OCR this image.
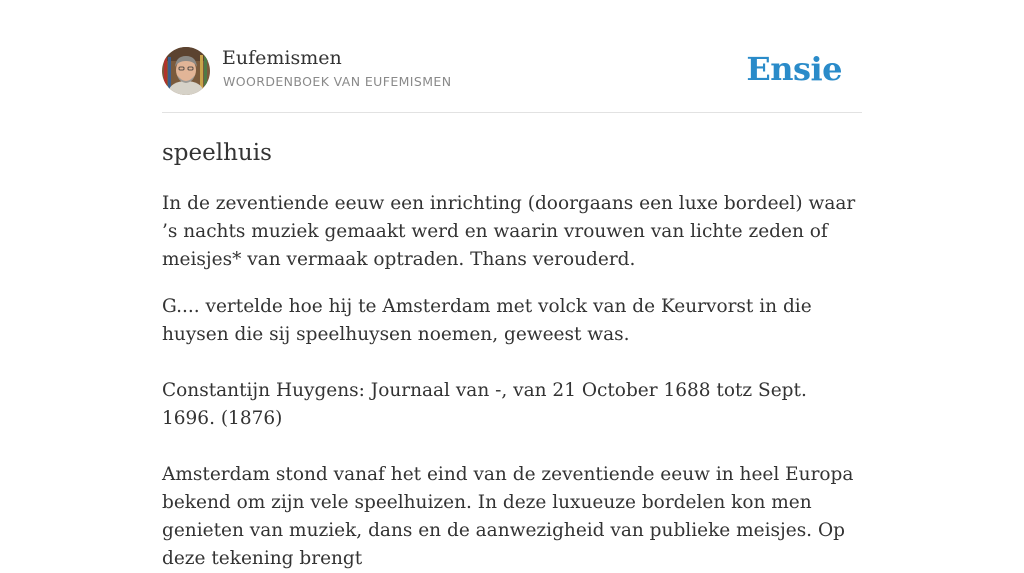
Eufemismen
WOORDENBOEK VAN EUFEMISMEN	Ensie
speelhuis

In de zeventiende eeuw een inrichting (doorgaans een luxe bordeel) waar ’s nachts muziek gemaakt werd en waarin vrouwen van lichte zeden of meisjes* van vermaak optraden. Thans verouderd.

G.... vertelde hoe hij te Amsterdam met volck van de Keurvorst in die huysen die sij speelhuysen noemen, geweest was.
Constantijn Huygens: Journaal van -, van 21 October 1688 totz Sept. 1696. (1876)
Amsterdam stond vanaf het eind van de zeventiende eeuw in heel Europa bekend om zijn vele speelhuizen. In deze luxueuze bordelen kon men genieten van muziek, dans en de aanwezigheid van publieke meisjes. Op deze tekening brengt
